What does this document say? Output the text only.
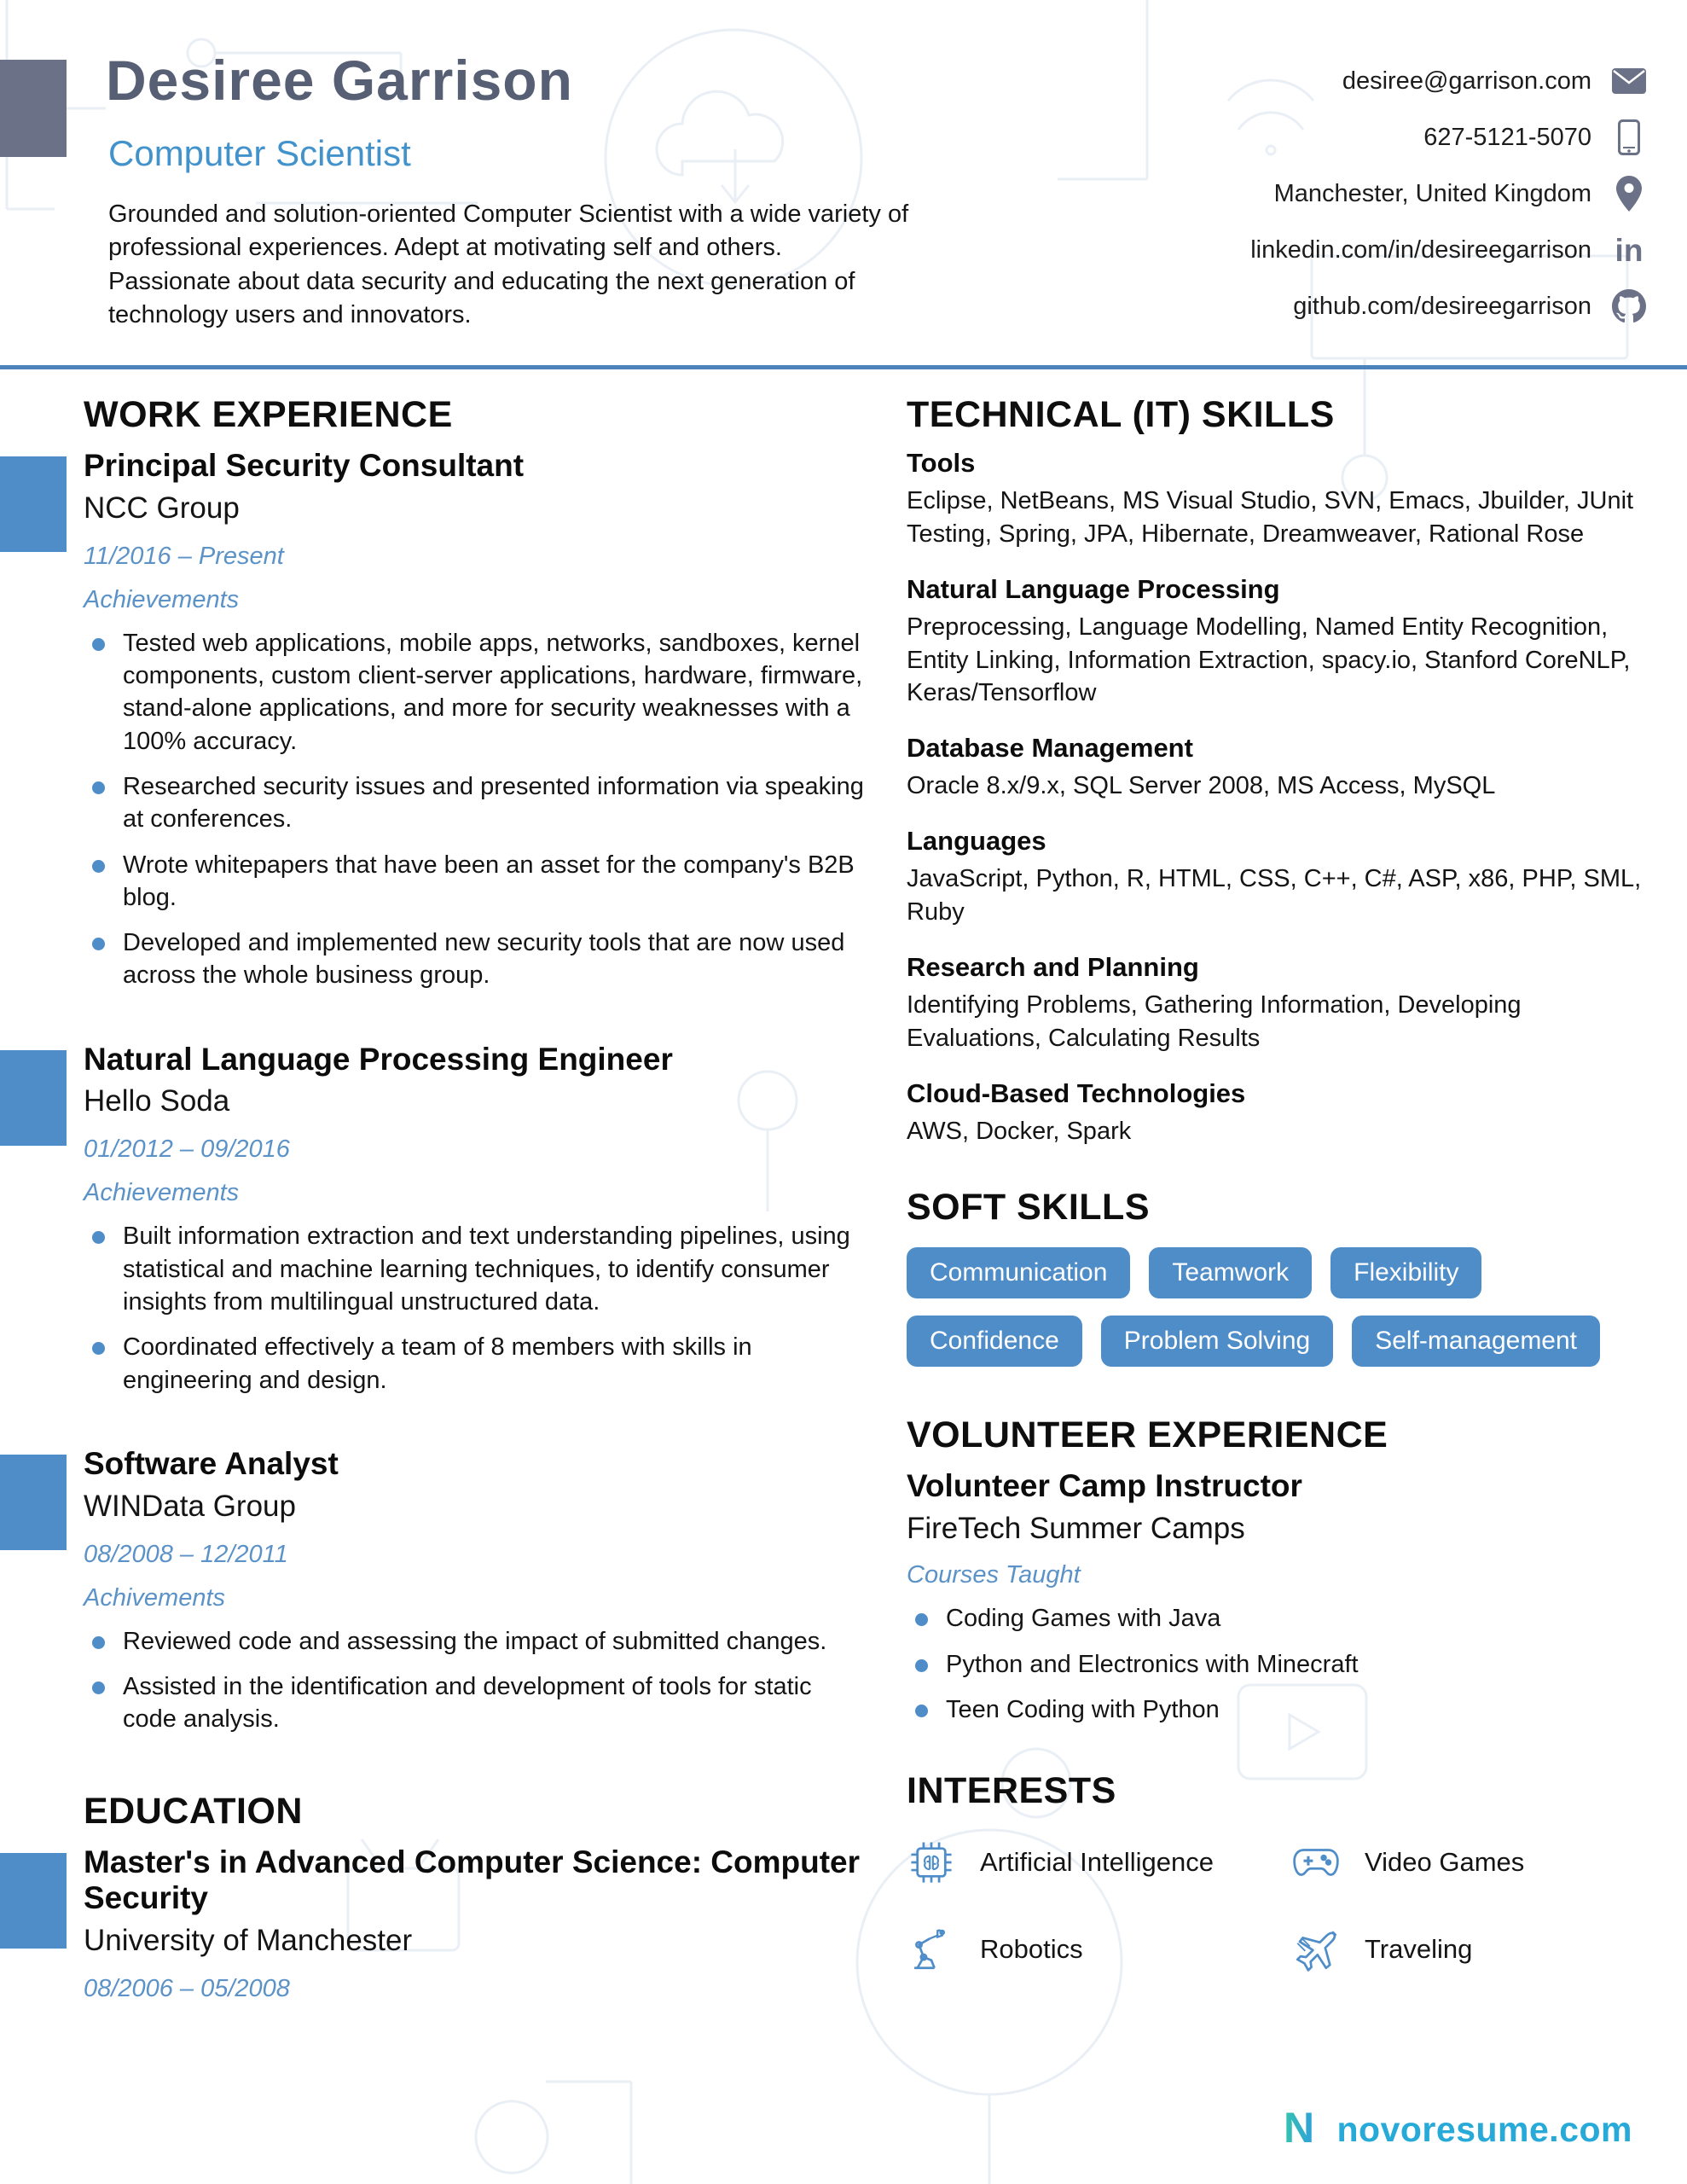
Desiree Garrison
Computer Scientist
Grounded and solution-oriented Computer Scientist with a wide variety of professional experiences. Adept at motivating self and others. Passionate about data security and educating the next generation of technology users and innovators.
desiree@garrison.com
627-5121-5070
Manchester, United Kingdom
linkedin.com/in/desireegarrison in
github.com/desireegarrison
WORK EXPERIENCE
Principal Security Consultant
NCC Group
11/2016 – Present
Achievements
Tested web applications, mobile apps, networks, sandboxes, kernel components, custom client-server applications, hardware, firmware, stand-alone applications, and more for security weaknesses with a 100% accuracy.
Researched security issues and presented information via speaking at conferences.
Wrote whitepapers that have been an asset for the company's B2B blog.
Developed and implemented new security tools that are now used across the whole business group.
Natural Language Processing Engineer
Hello Soda
01/2012 – 09/2016
Achievements
Built information extraction and text understanding pipelines, using statistical and machine learning techniques, to identify consumer insights from multilingual unstructured data.
Coordinated effectively a team of 8 members with skills in engineering and design.
Software Analyst
WINData Group
08/2008 – 12/2011
Achivements
Reviewed code and assessing the impact of submitted changes.
Assisted in the identification and development of tools for static code analysis.
EDUCATION
Master's in Advanced Computer Science: Computer Security
University of Manchester
08/2006 – 05/2008
TECHNICAL (IT) SKILLS
Tools
Eclipse, NetBeans, MS Visual Studio, SVN, Emacs, Jbuilder, JUnit Testing, Spring, JPA, Hibernate, Dreamweaver, Rational Rose
Natural Language Processing
Preprocessing, Language Modelling, Named Entity Recognition, Entity Linking, Information Extraction, spacy.io, Stanford CoreNLP, Keras/Tensorflow
Database Management
Oracle 8.x/9.x, SQL Server 2008, MS Access, MySQL
Languages
JavaScript, Python, R, HTML, CSS, C++, C#, ASP, x86, PHP, SML, Ruby
Research and Planning
Identifying Problems, Gathering Information, Developing Evaluations, Calculating Results
Cloud-Based Technologies
AWS, Docker, Spark
SOFT SKILLS
Communication	Teamwork	Flexibility
Confidence	Problem Solving	Self-management
VOLUNTEER EXPERIENCE
Volunteer Camp Instructor
FireTech Summer Camps
Courses Taught
Coding Games with Java
Python and Electronics with Minecraft
Teen Coding with Python
INTERESTS
Artificial Intelligence	Video Games
Robotics	Traveling
N novoresume.com
